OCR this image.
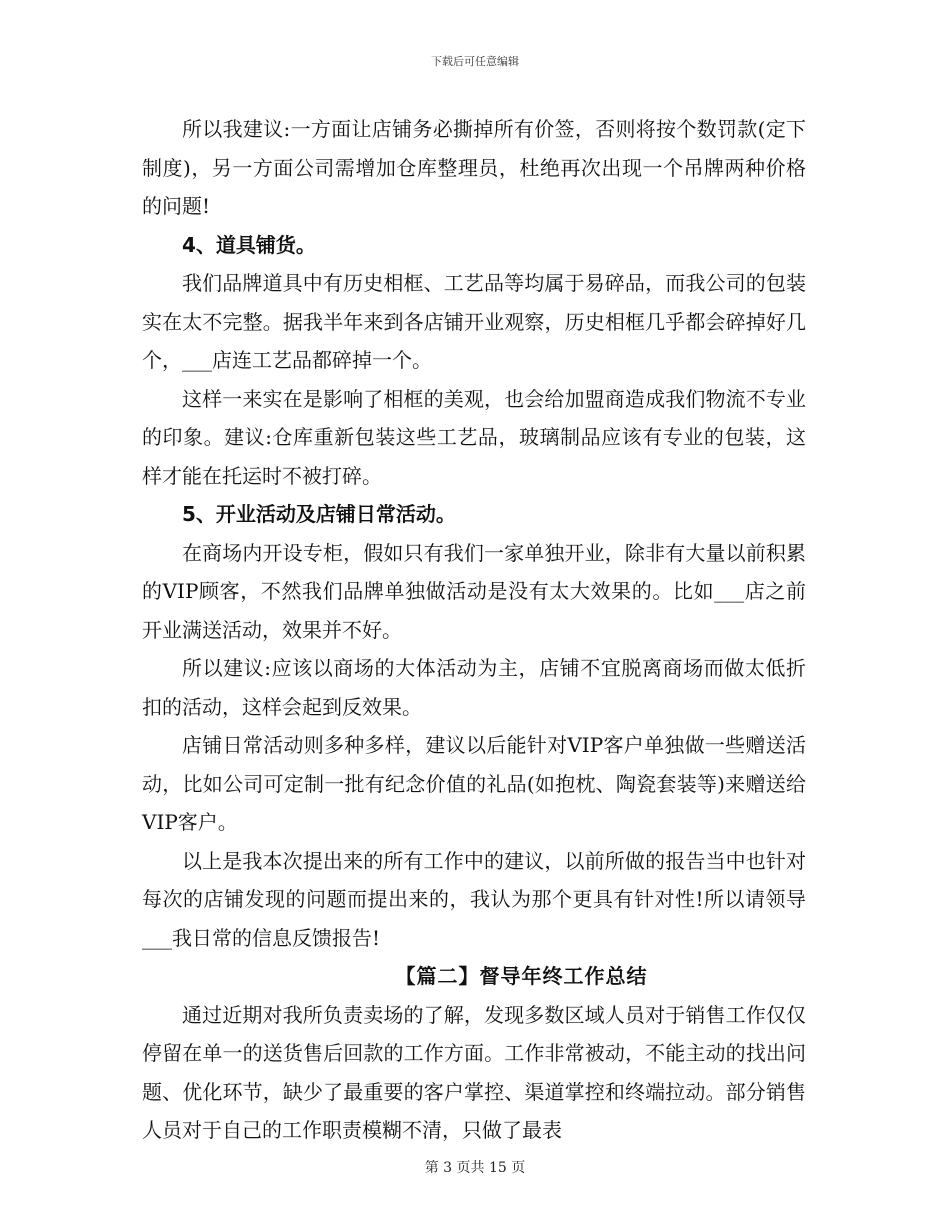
下载后可任意编辑

所以我建议:一方面让店铺务必撕掉所有价签，否则将按个数罚款(定下制度)，另一方面公司需增加仓库整理员，杜绝再次出现一个吊牌两种价格的问题!

4、道具铺货。

我们品牌道具中有历史相框、工艺品等均属于易碎品，而我公司的包装实在太不完整。据我半年来到各店铺开业观察，历史相框几乎都会碎掉好几个，___店连工艺品都碎掉一个。

这样一来实在是影响了相框的美观，也会给加盟商造成我们物流不专业的印象。建议:仓库重新包装这些工艺品，玻璃制品应该有专业的包装，这样才能在托运时不被打碎。

5、开业活动及店铺日常活动。

在商场内开设专柜，假如只有我们一家单独开业，除非有大量以前积累的VIP顾客，不然我们品牌单独做活动是没有太大效果的。比如___店之前开业满送活动，效果并不好。

所以建议:应该以商场的大体活动为主，店铺不宜脱离商场而做太低折扣的活动，这样会起到反效果。

店铺日常活动则多种多样，建议以后能针对VIP客户单独做一些赠送活动，比如公司可定制一批有纪念价值的礼品(如抱枕、陶瓷套装等)来赠送给VIP客户。

以上是我本次提出来的所有工作中的建议，以前所做的报告当中也针对每次的店铺发现的问题而提出来的，我认为那个更具有针对性!所以请领导___我日常的信息反馈报告!

【篇二】督导年终工作总结

通过近期对我所负责卖场的了解，发现多数区域人员对于销售工作仅仅停留在单一的送货售后回款的工作方面。工作非常被动，不能主动的找出问题、优化环节，缺少了最重要的客户掌控、渠道掌控和终端拉动。部分销售人员对于自己的工作职责模糊不清，只做了最表

第 3 页共 15 页
